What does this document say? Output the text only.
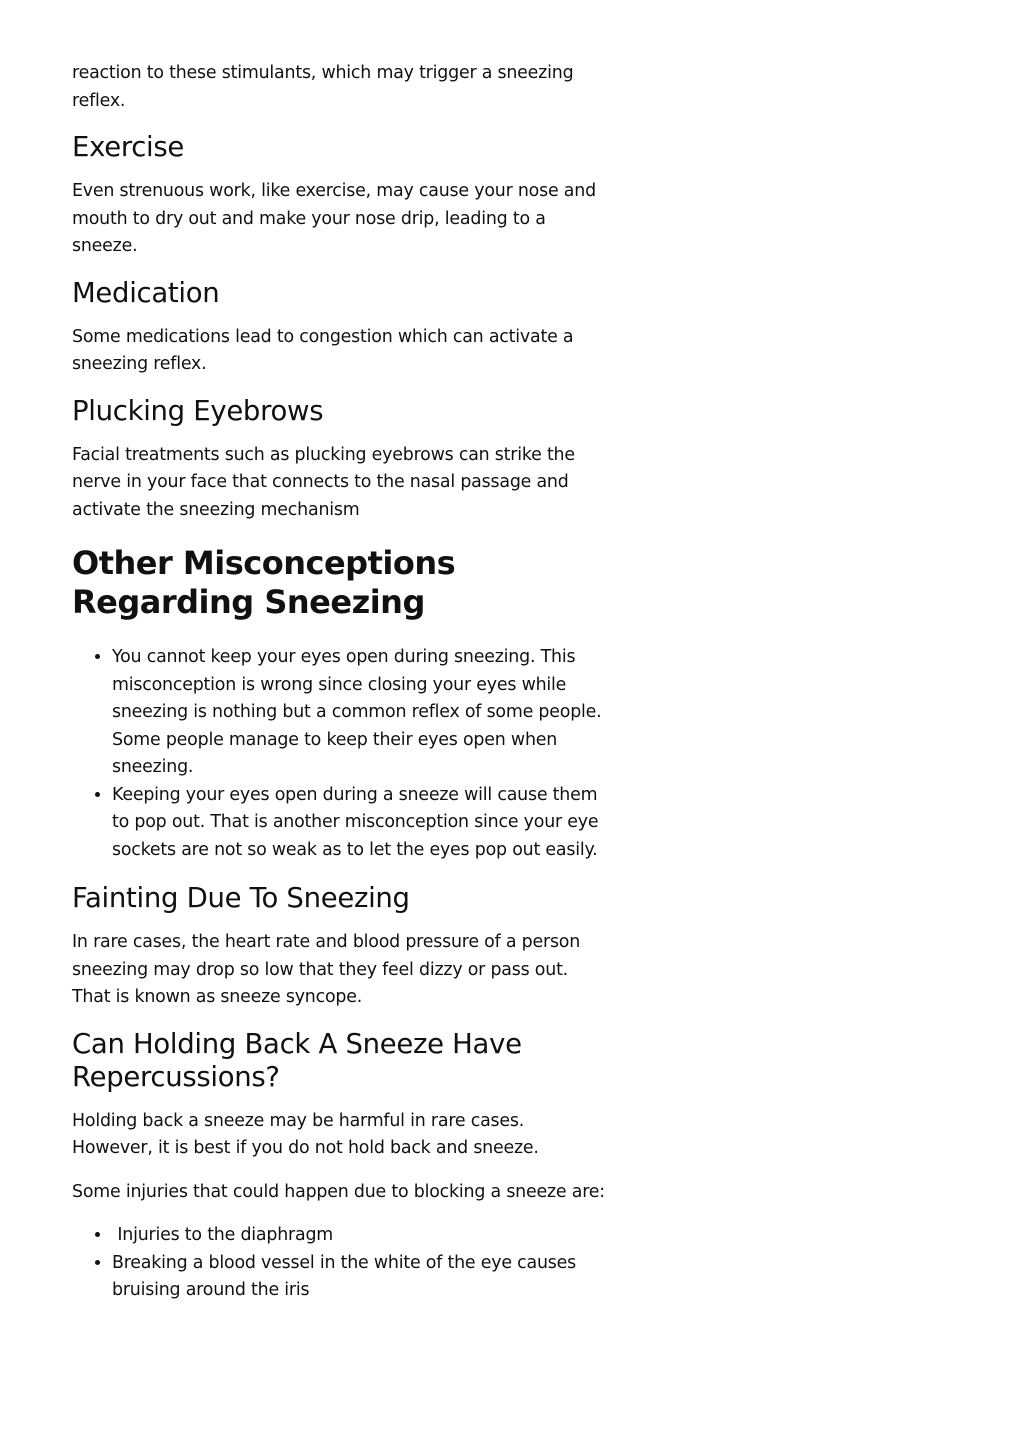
reaction to these stimulants, which may trigger a sneezing reflex.

Exercise

Even strenuous work, like exercise, may cause your nose and mouth to dry out and make your nose drip, leading to a sneeze.

Medication

Some medications lead to congestion which can activate a sneezing reflex.

Plucking Eyebrows

Facial treatments such as plucking eyebrows can strike the nerve in your face that connects to the nasal passage and activate the sneezing mechanism

Other Misconceptions Regarding Sneezing
• You cannot keep your eyes open during sneezing. This misconception is wrong since closing your eyes while sneezing is nothing but a common reflex of some people. Some people manage to keep their eyes open when sneezing.
• Keeping your eyes open during a sneeze will cause them to pop out. That is another misconception since your eye sockets are not so weak as to let the eyes pop out easily.
Fainting Due To Sneezing

In rare cases, the heart rate and blood pressure of a person sneezing may drop so low that they feel dizzy or pass out. That is known as sneeze syncope.

Can Holding Back A Sneeze Have Repercussions?

Holding back a sneeze may be harmful in rare cases. However, it is best if you do not hold back and sneeze.

Some injuries that could happen due to blocking a sneeze are:

•  Injuries to the diaphragm
• Breaking a blood vessel in the white of the eye causes bruising around the iris
